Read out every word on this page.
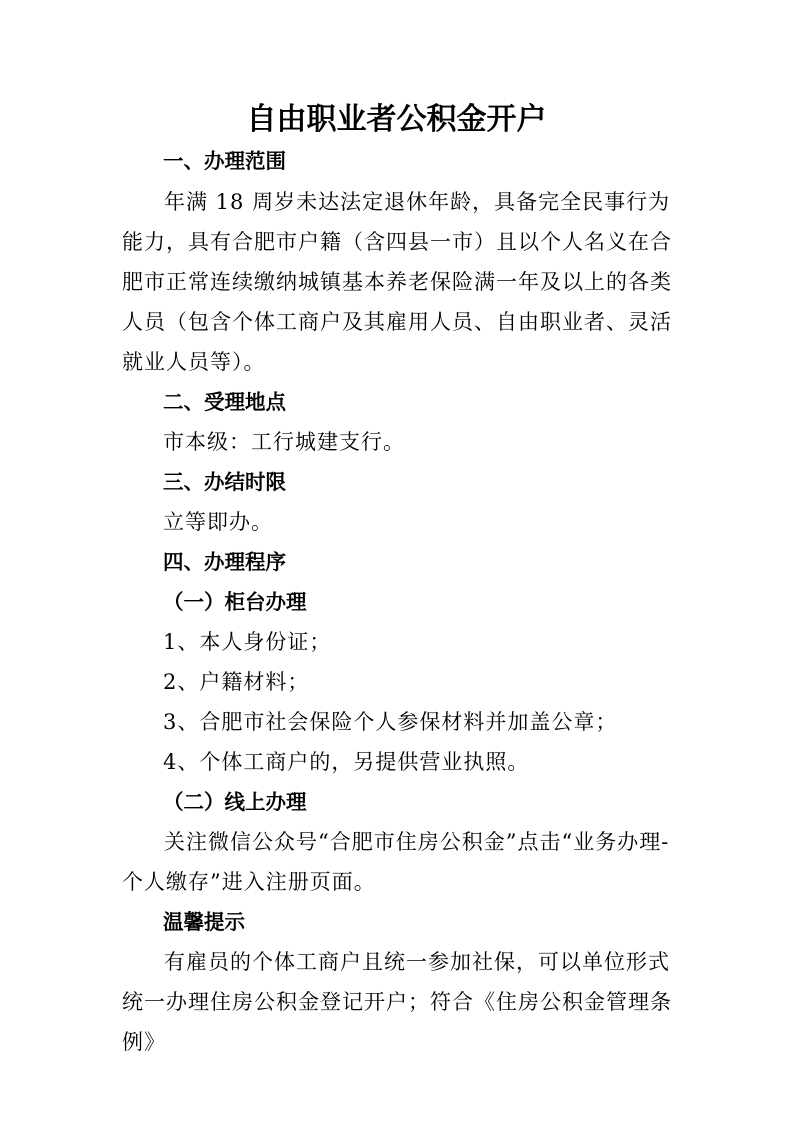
自由职业者公积金开户
一、办理范围

年满 18 周岁未达法定退休年龄，具备完全民事行为能力，具有合肥市户籍（含四县一市）且以个人名义在合肥市正常连续缴纳城镇基本养老保险满一年及以上的各类人员（包含个体工商户及其雇用人员、自由职业者、灵活就业人员等）。

二、受理地点

市本级：工行城建支行。

三、办结时限

立等即办。

四、办理程序
（一）柜台办理

1、本人身份证；

2、户籍材料；

3、合肥市社会保险个人参保材料并加盖公章；

4、个体工商户的，另提供营业执照。

（二）线上办理

关注微信公众号“合肥市住房公积金”点击“业务办理-个人缴存”进入注册页面。

温馨提示

有雇员的个体工商户且统一参加社保，可以单位形式统一办理住房公积金登记开户；符合《住房公积金管理条例》
